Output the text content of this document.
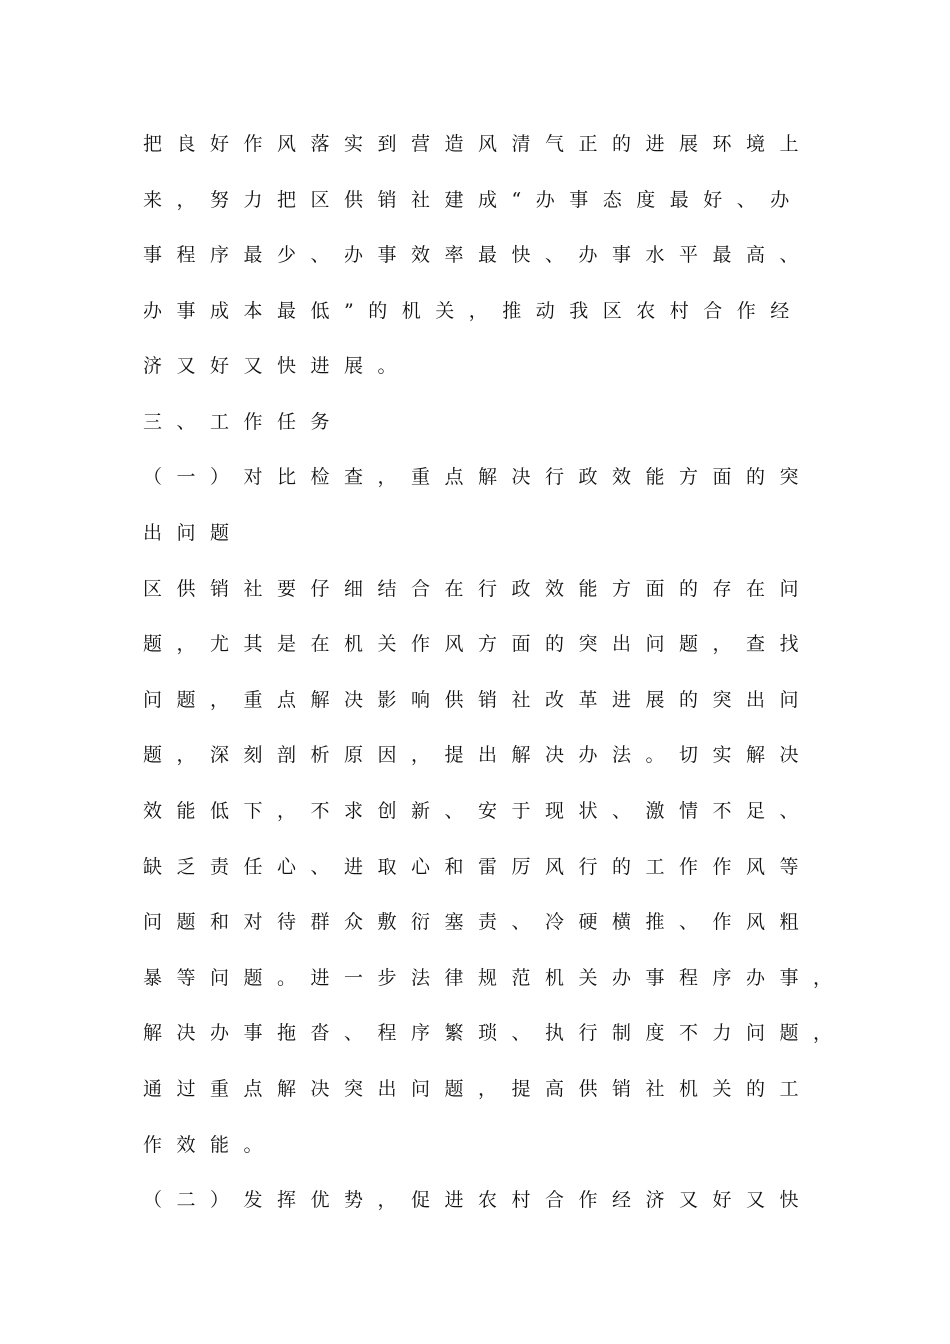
把良好作风落实到营造风清气正的进展环境上
来，努力把区供销社建成“办事态度最好、办
事程序最少、办事效率最快、办事水平最高、
办事成本最低”的机关，推动我区农村合作经
济又好又快进展。
三、工作任务
（一）对比检查，重点解决行政效能方面的突
出问题
区供销社要仔细结合在行政效能方面的存在问
题，尤其是在机关作风方面的突出问题，查找
问题，重点解决影响供销社改革进展的突出问
题，深刻剖析原因，提出解决办法。切实解决
效能低下，不求创新、安于现状、激情不足、
缺乏责任心、进取心和雷厉风行的工作作风等
问题和对待群众敷衍塞责、冷硬横推、作风粗
暴等问题。进一步法律规范机关办事程序办事，
解决办事拖沓、程序繁琐、执行制度不力问题，
通过重点解决突出问题，提高供销社机关的工
作效能。
（二）发挥优势，促进农村合作经济又好又快
